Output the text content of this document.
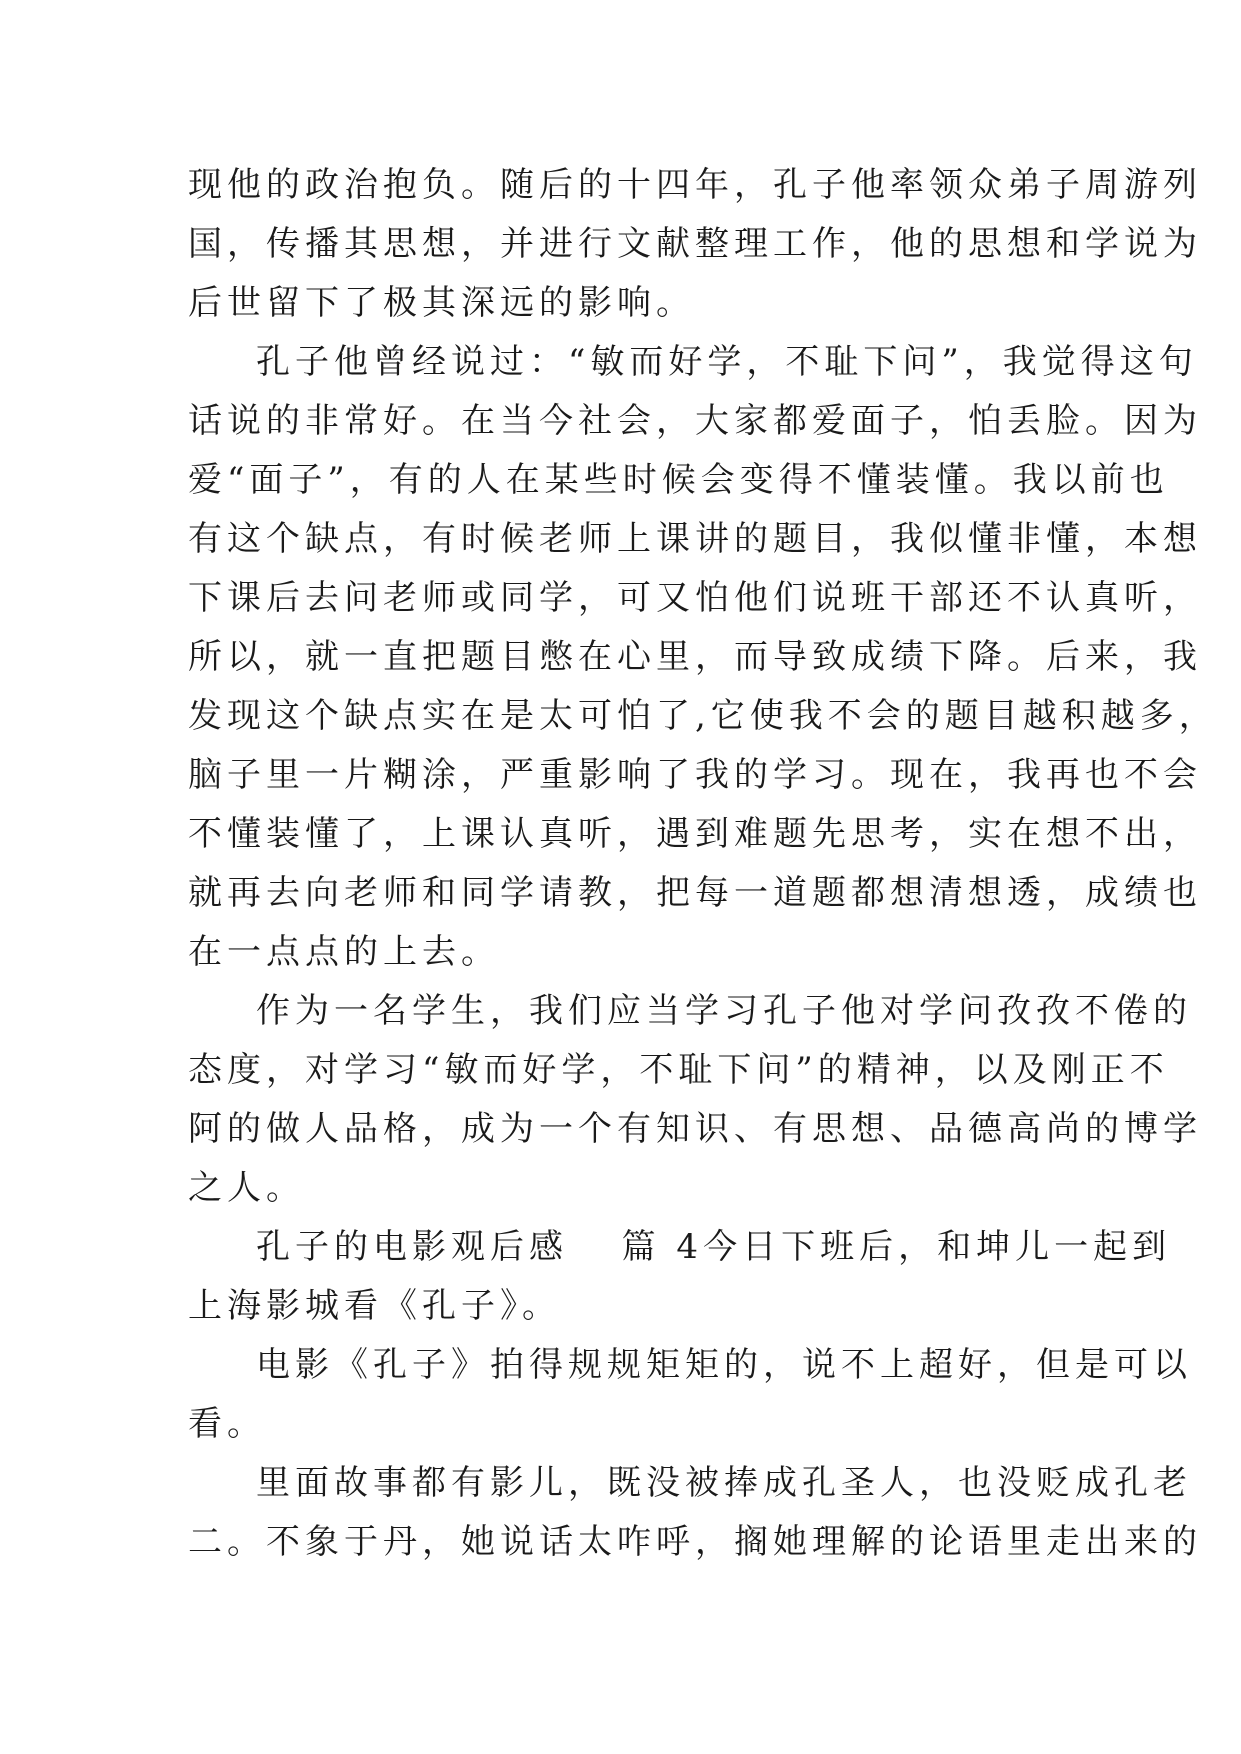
现他的政治抱负。随后的十四年，孔子他率领众弟子周游列
国，传播其思想，并进行文献整理工作，他的思想和学说为
后世留下了极其深远的影响。
孔子他曾经说过：“敏而好学，不耻下问”，我觉得这句
话说的非常好。在当今社会，大家都爱面子，怕丢脸。因为
爱“面子”，有的人在某些时候会变得不懂装懂。我以前也
有这个缺点，有时候老师上课讲的题目，我似懂非懂，本想
下课后去问老师或同学，可又怕他们说班干部还不认真听，
所以，就一直把题目憋在心里，而导致成绩下降。后来，我
发现这个缺点实在是太可怕了,它使我不会的题目越积越多，
脑子里一片糊涂，严重影响了我的学习。现在，我再也不会
不懂装懂了，上课认真听，遇到难题先思考，实在想不出，
就再去向老师和同学请教，把每一道题都想清想透，成绩也
在一点点的上去。
作为一名学生，我们应当学习孔子他对学问孜孜不倦的
态度，对学习“敏而好学，不耻下问”的精神，以及刚正不
阿的做人品格，成为一个有知识、有思想、品德高尚的博学
之人。
孔子的电影观后感 篇 4 今日下班后，和坤儿一起到
上海影城看《孔子》。
电影《孔子》拍得规规矩矩的，说不上超好，但是可以
看。
里面故事都有影儿，既没被捧成孔圣人，也没贬成孔老
二。不象于丹，她说话太咋呼，搁她理解的论语里走出来的
